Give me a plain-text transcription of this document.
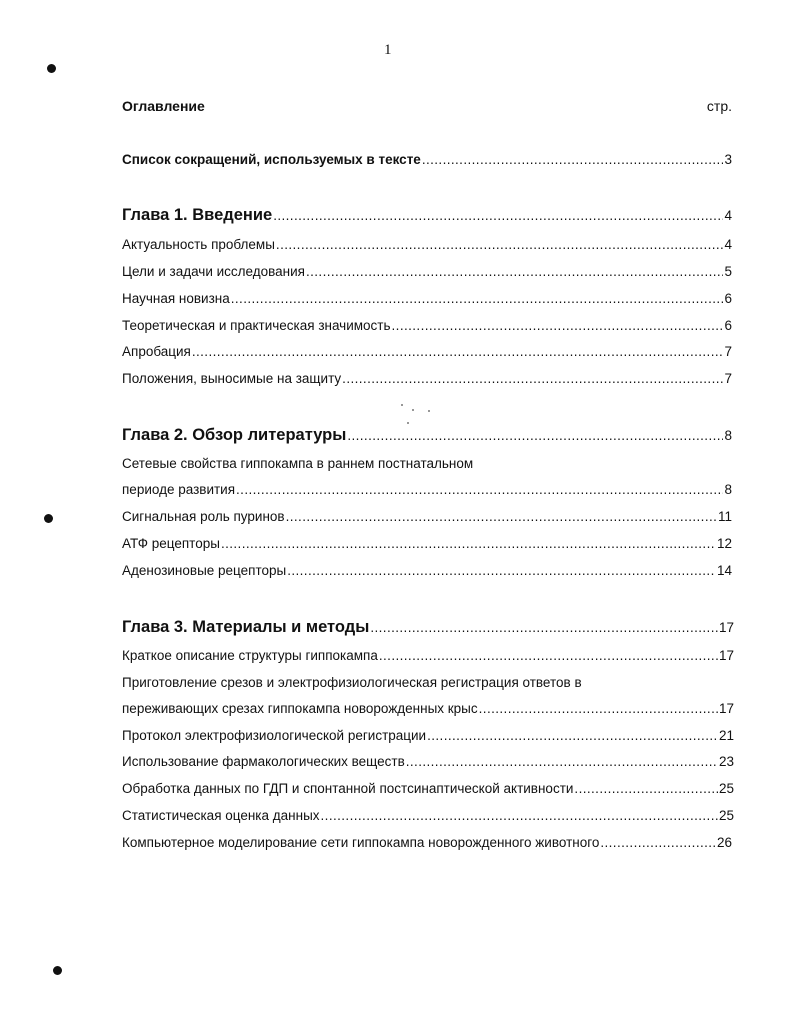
1
Оглавление	стр.
Список сокращений, используемых в тексте .....	3
Глава 1. Введение .....	4
Актуальность проблемы .....	4
Цели и задачи исследования .....	5
Научная новизна .....	6
Теоретическая и практическая значимость .....	6
Апробация .....	7
Положения, выносимые на защиту .....	7
Глава 2. Обзор литературы .....	8
Сетевые свойства гиппокампа в раннем постнатальном
периоде развития .....	8
Сигнальная роль пуринов .....	11
АТФ рецепторы .....	12
Аденозиновые рецепторы .....	14
Глава 3. Материалы и методы .....	17
Краткое описание структуры гиппокампа .....	17
Приготовление срезов и электрофизиологическая регистрация ответов в
переживающих срезах гиппокампа новорожденных крыс .....	17
Протокол электрофизиологической регистрации .....	21
Использование фармакологических веществ .....	23
Обработка данных по ГДП и спонтанной постсинаптической активности .....	25
Статистическая оценка данных .....	25
Компьютерное моделирование сети гиппокампа новорожденного животного .....	26
